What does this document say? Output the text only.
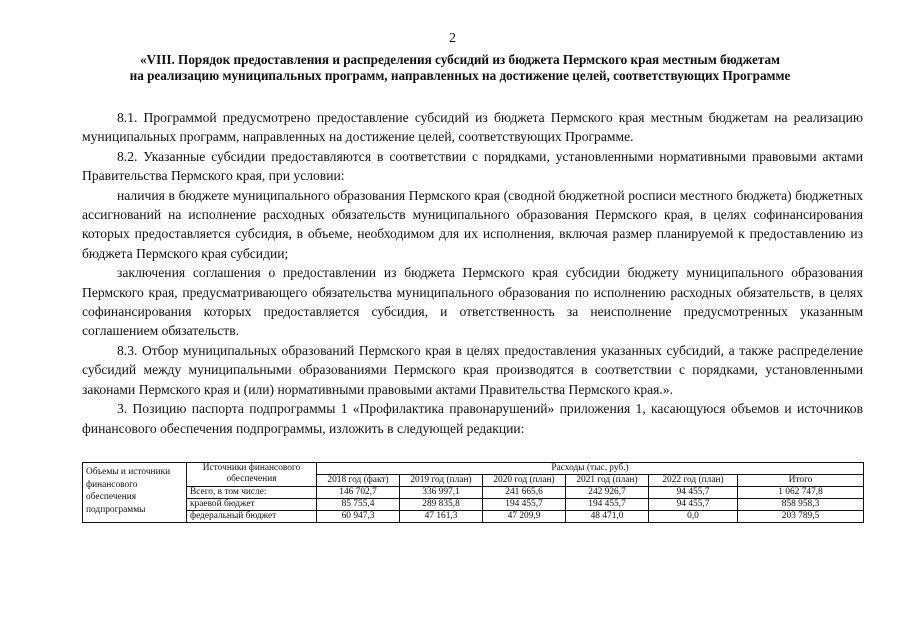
2
«VIII. Порядок предоставления и распределения субсидий из бюджета Пермского края местным бюджетам
на реализацию муниципальных программ, направленных на достижение целей, соответствующих Программе

8.1. Программой предусмотрено предоставление субсидий из бюджета Пермского края местным бюджетам на реализацию муниципальных программ, направленных на достижение целей, соответствующих Программе.

8.2. Указанные субсидии предоставляются в соответствии с порядками, установленными нормативными правовыми актами Правительства Пермского края, при условии:

наличия в бюджете муниципального образования Пермского края (сводной бюджетной росписи местного бюджета) бюджетных ассигнований на исполнение расходных обязательств муниципального образования Пермского края, в целях софинансирования которых предоставляется субсидия, в объеме, необходимом для их исполнения, включая размер планируемой к предоставлению из бюджета Пермского края субсидии;

заключения соглашения о предоставлении из бюджета Пермского края субсидии бюджету муниципального образования Пермского края, предусматривающего обязательства муниципального образования по исполнению расходных обязательств, в целях софинансирования которых предоставляется субсидия, и ответственность за неисполнение предусмотренных указанным соглашением обязательств.

8.3. Отбор муниципальных образований Пермского края в целях предоставления указанных субсидий, а также распределение субсидий между муниципальными образованиями Пермского края производятся в соответствии с порядками, установленными законами Пермского края и (или) нормативными правовыми актами Правительства Пермского края.».

3. Позицию паспорта подпрограммы 1 «Профилактика правонарушений» приложения 1, касающуюся объемов и источников финансового обеспечения подпрограммы, изложить в следующей редакции:

Объемы и источники финансового обеспечения подпрограммы	Источники финансового обеспечения	Расходы (тыс. руб.)					
		2018 год (факт)	2019 год (план)	2020 год (план)	2021 год (план)	2022 год (план)	Итого
	Всего, в том числе:	146 702,7	336 997,1	241 665,6	242 926,7	94 455,7	1 062 747,8
	краевой бюджет	85 755,4	289 835,8	194 455,7	194 455,7	94 455,7	858 958,3
	федеральный бюджет	60 947,3	47 161,3	47 209,9	48 471,0	0,0	203 789,5
